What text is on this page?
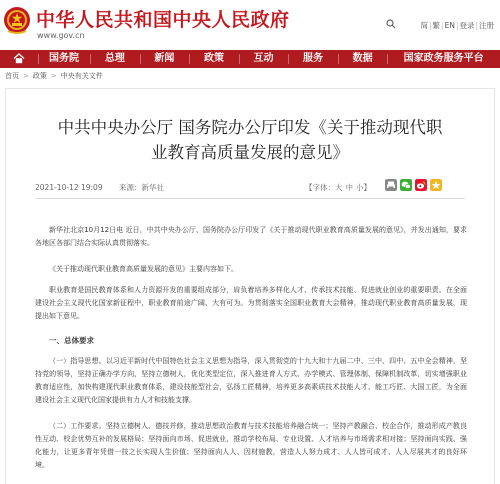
中华人民共和国中央人民政府
www.gov.cn
简|繁|EN|登录|注册
国务院	总理	新闻	政策	互动	服务	数据	国家政务服务平台
首页 > 政策 > 中央有关文件
中共中央办公厅 国务院办公厅印发《关于推动现代职
业教育高质量发展的意见》
2021-10-12 19:09 来源：新华社	【字体：大 中 小】
新华社北京10月12日电 近日，中共中央办公厅、国务院办公厅印发了《关于推动现代职业教育高质量发展的意见》，并发出通知，要求各地区各部门结合实际认真贯彻落实。
《关于推动现代职业教育高质量发展的意见》主要内容如下。
职业教育是国民教育体系和人力资源开发的重要组成部分，肩负着培养多样化人才、传承技术技能、促进就业创业的重要职责。在全面建设社会主义现代化国家新征程中，职业教育前途广阔、大有可为。为贯彻落实全国职业教育大会精神，推动现代职业教育高质量发展，现提出如下意见。
一、总体要求
（一）指导思想。以习近平新时代中国特色社会主义思想为指导，深入贯彻党的十九大和十九届二中、三中、四中、五中全会精神，坚持党的领导，坚持正确办学方向，坚持立德树人，优化类型定位，深入推进育人方式、办学模式、管理体制、保障机制改革，切实增强职业教育适应性，加快构建现代职业教育体系，建设技能型社会，弘扬工匠精神，培养更多高素质技术技能人才、能工巧匠、大国工匠，为全面建设社会主义现代化国家提供有力人才和技能支撑。
（二）工作要求。坚持立德树人、德技并修，推动思想政治教育与技术技能培养融合统一；坚持产教融合、校企合作，推动形成产教良性互动、校企优势互补的发展格局；坚持面向市场、促进就业，推动学校布局、专业设置、人才培养与市场需求相对接；坚持面向实践、强化能力，让更多青年凭借一技之长实现人生价值；坚持面向人人、因材施教，营造人人努力成才、人人皆可成才、人人尽展其才的良好环境。
